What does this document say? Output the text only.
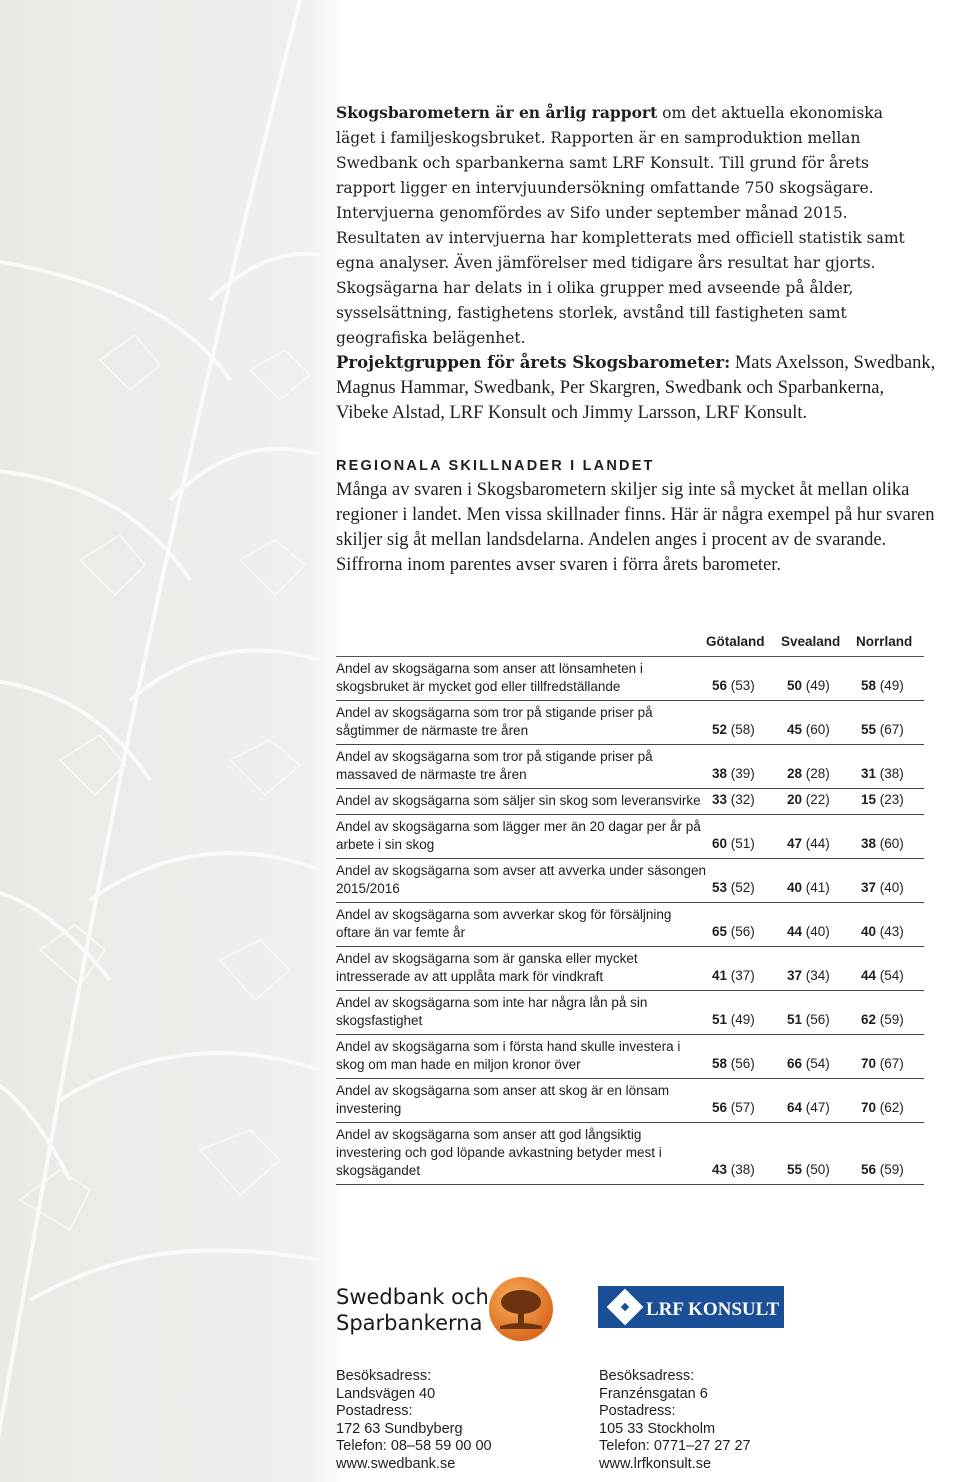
Skogsbarometern är en årlig rapport om det aktuella ekonomiska läget i familjeskogsbruket. Rapporten är en samproduktion mellan Swedbank och sparbankerna samt LRF Konsult. Till grund för årets rapport ligger en intervjuundersökning omfattande 750 skogsägare. Intervjuerna genomfördes av Sifo under september månad 2015. Resultaten av intervjuerna har kompletterats med officiell statistik samt egna analyser. Även jämförelser med tidigare års resultat har gjorts. Skogsägarna har delats in i olika grupper med avseende på ålder, sysselsättning, fastighetens storlek, avstånd till fastigheten samt geografiska belägenhet.

Projektgruppen för årets Skogsbarometer: Mats Axelsson, Swedbank, Magnus Hammar, Swedbank, Per Skargren, Swedbank och Sparbankerna, Vibeke Alstad, LRF Konsult och Jimmy Larsson, LRF Konsult.

REGIONALA SKILLNADER I LANDET

Många av svaren i Skogsbarometern skiljer sig inte så mycket åt mellan olika regioner i landet. Men vissa skillnader finns. Här är några exempel på hur svaren skiljer sig åt mellan landsdelarna. Andelen anges i procent av de svarande. Siffrorna inom parentes avser svaren i förra årets barometer.

Götaland Svealand Norrland
Andel av skogsägarna som anser att lönsamheten i skogsbruket är mycket god eller tillfredställande	56 (53) 50 (49) 58 (49)
Andel av skogsägarna som tror på stigande priser på sågtimmer de närmaste tre åren	52 (58) 45 (60) 55 (67)
Andel av skogsägarna som tror på stigande priser på massaved de närmaste tre åren	38 (39) 28 (28) 31 (38)
Andel av skogsägarna som säljer sin skog som leveransvirke 33 (32) 20 (22) 15 (23)
Andel av skogsägarna som lägger mer än 20 dagar per år på arbete i sin skog	60 (51) 47 (44) 38 (60)
Andel av skogsägarna som avser att avverka under säsongen 2015/2016	53 (52) 40 (41) 37 (40)
Andel av skogsägarna som avverkar skog för försäljning oftare än var femte år	65 (56) 44 (40) 40 (43)
Andel av skogsägarna som är ganska eller mycket intresserade av att upplåta mark för vindkraft	41 (37) 37 (34) 44 (54)
Andel av skogsägarna som inte har några lån på sin skogsfastighet	51 (49) 51 (56) 62 (59)
Andel av skogsägarna som i första hand skulle investera i skog om man hade en miljon kronor över	58 (56) 66 (54) 70 (67)
Andel av skogsägarna som anser att skog är en lönsam investering	56 (57) 64 (47) 70 (62)
Andel av skogsägarna som anser att god långsiktig investering och god löpande avkastning betyder mest i skogsägandet	43 (38) 55 (50) 56 (59)
Swedbank och
Sparbankerna
LRF KONSULT
Besöksadress:
Landsvägen 40
Postadress:
172 63 Sundbyberg
Telefon: 08–58 59 00 00
www.swedbank.se
Besöksadress:
Franzénsgatan 6
Postadress:
105 33 Stockholm
Telefon: 0771–27 27 27
www.lrfkonsult.se
